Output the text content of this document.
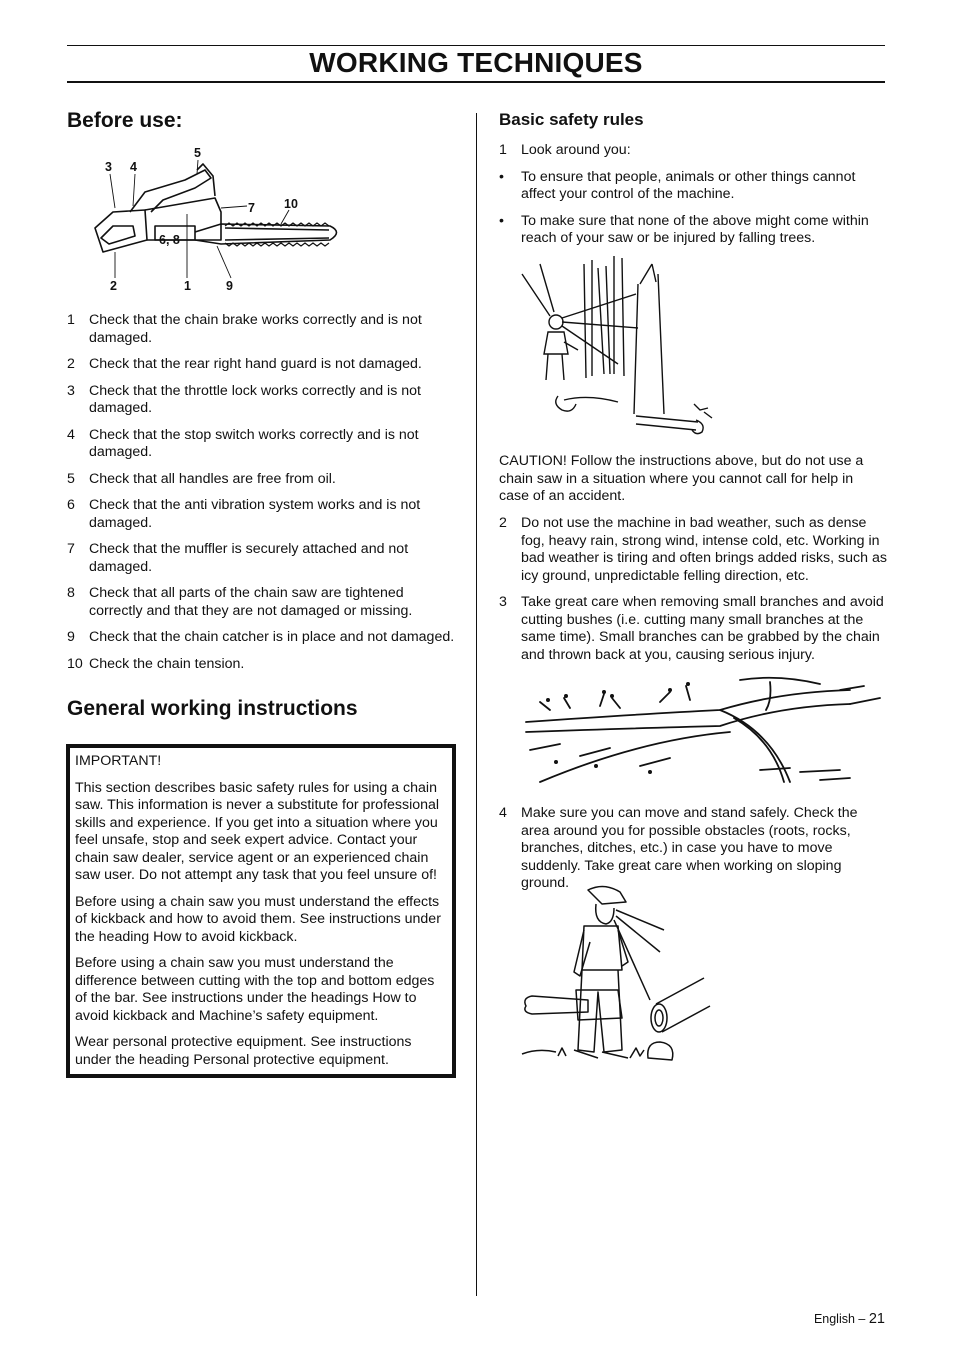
WORKING TECHNIQUES
Before use:
3 4
5
7 10
6, 8
2	1	9
1 Check that the chain brake works correctly and is not damaged.
2 Check that the rear right hand guard is not damaged.
3 Check that the throttle lock works correctly and is not damaged.
4 Check that the stop switch works correctly and is not damaged.
5 Check that all handles are free from oil.
6 Check that the anti vibration system works and is not damaged.
7 Check that the muffler is securely attached and not damaged.
8 Check that all parts of the chain saw are tightened correctly and that they are not damaged or missing.
9 Check that the chain catcher is in place and not damaged.
10 Check the chain tension.
General working instructions

IMPORTANT!

This section describes basic safety rules for using a chain saw. This information is never a substitute for professional skills and experience. If you get into a situation where you feel unsafe, stop and seek expert advice. Contact your chain saw dealer, service agent or an experienced chain saw user. Do not attempt any task that you feel unsure of!

Before using a chain saw you must understand the effects of kickback and how to avoid them. See instructions under the heading How to avoid kickback.

Before using a chain saw you must understand the difference between cutting with the top and bottom edges of the bar. See instructions under the headings How to avoid kickback and Machine’s safety equipment.

Wear personal protective equipment. See instructions under the heading Personal protective equipment.

Basic safety rules
1 Look around you:
• To ensure that people, animals or other things cannot affect your control of the machine.
• To make sure that none of the above might come within reach of your saw or be injured by falling trees.
CAUTION! Follow the instructions above, but do not use a chain saw in a situation where you cannot call for help in case of an accident.
2 Do not use the machine in bad weather, such as dense fog, heavy rain, strong wind, intense cold, etc. Working in bad weather is tiring and often brings added risks, such as icy ground, unpredictable felling direction, etc.
3 Take great care when removing small branches and avoid cutting bushes (i.e. cutting many small branches at the same time). Small branches can be grabbed by the chain and thrown back at you, causing serious injury.
4 Make sure you can move and stand safely. Check the area around you for possible obstacles (roots, rocks, branches, ditches, etc.) in case you have to move suddenly. Take great care when working on sloping ground.
English – 21
